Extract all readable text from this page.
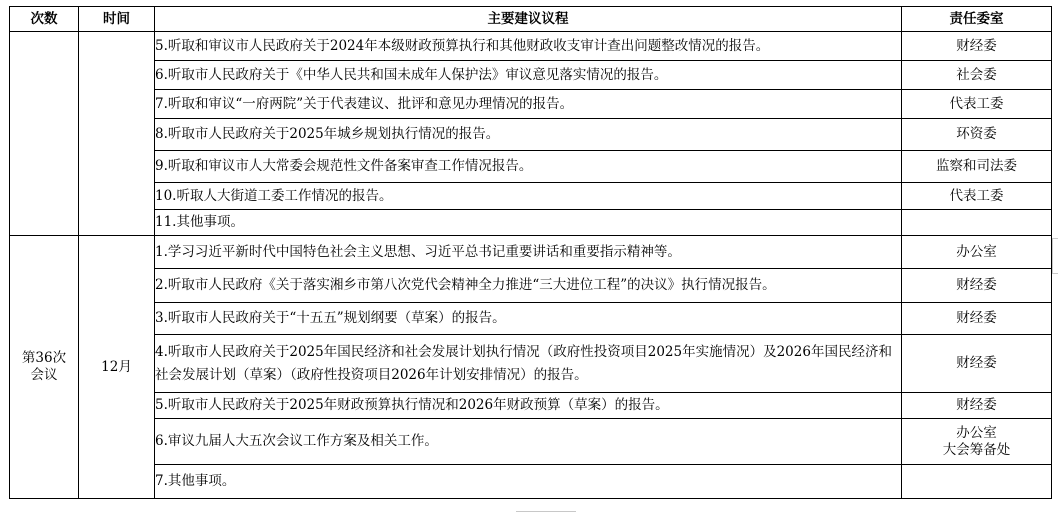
次数	时间	主要建议议程	责任委室
		5.听取和审议市人民政府关于2024年本级财政预算执行和其他财政收支审计查出问题整改情况的报告。	财经委
		6.听取市人民政府关于《中华人民共和国未成年人保护法》审议意见落实情况的报告。	社会委
		7.听取和审议“一府两院”关于代表建议、批评和意见办理情况的报告。	代表工委
		8.听取市人民政府关于2025年城乡规划执行情况的报告。	环资委
		9.听取和审议市人大常委会规范性文件备案审查工作情况报告。	监察和司法委
		10.听取人大街道工委工作情况的报告。	代表工委
		11.其他事项。	

第36次
会议	12月	1.学习习近平新时代中国特色社会主义思想、习近平总书记重要讲话和重要指示精神等。	办公室
		2.听取市人民政府《关于落实湘乡市第八次党代会精神全力推进“三大进位工程”的决议》执行情况报告。	财经委
		3.听取市人民政府关于“十五五”规划纲要（草案）的报告。	财经委
		4.听取市人民政府关于2025年国民经济和社会发展计划执行情况（政府性投资项目2025年实施情况）及2026年国民经济和社会发展计划（草案）（政府性投资项目2026年计划安排情况）的报告。	财经委
		5.听取市人民政府关于2025年财政预算执行情况和2026年财政预算（草案）的报告。	财经委
		6.审议九届人大五次会议工作方案及相关工作。	办公室
大会筹备处

		7.其他事项。	
